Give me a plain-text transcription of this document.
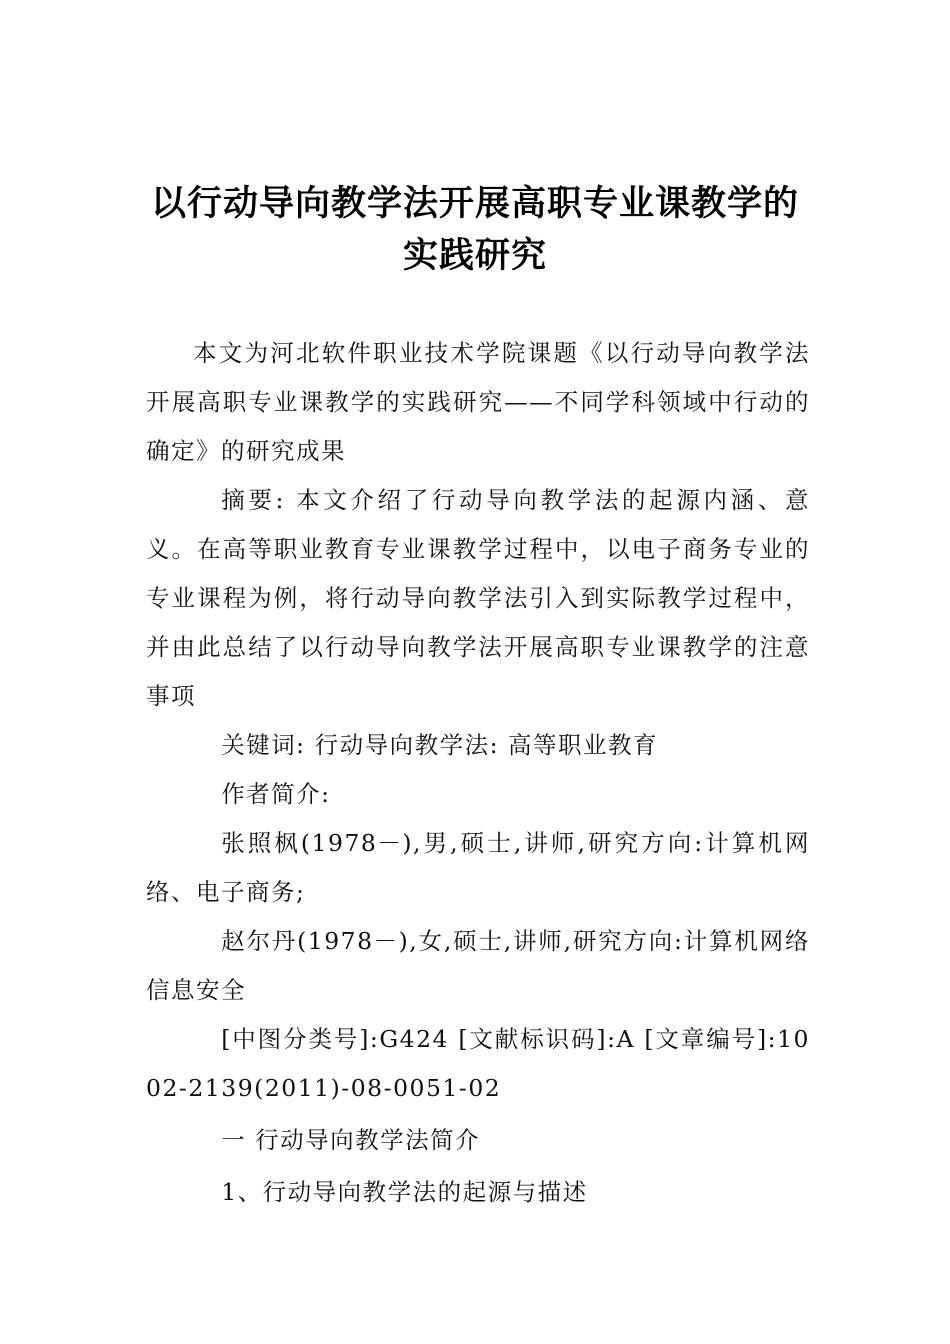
以行动导向教学法开展高职专业课教学的
实践研究

本文为河北软件职业技术学院课题《以行动导向教学法开展高职专业课教学的实践研究——不同学科领域中行动的确定》的研究成果

摘要: 本文介绍了行动导向教学法的起源内涵、意义。在高等职业教育专业课教学过程中，以电子商务专业的专业课程为例，将行动导向教学法引入到实际教学过程中，并由此总结了以行动导向教学法开展高职专业课教学的注意事项

关键词: 行动导向教学法: 高等职业教育

作者简介:

张照枫(1978－),男,硕士,讲师,研究方向:计算机网络、电子商务;

赵尔丹(1978－),女,硕士,讲师,研究方向:计算机网络信息安全

[中图分类号]:G424 [文献标识码]:A [文章编号]:1002-2139(2011)-08-0051-02

一 行动导向教学法简介

1、行动导向教学法的起源与描述
